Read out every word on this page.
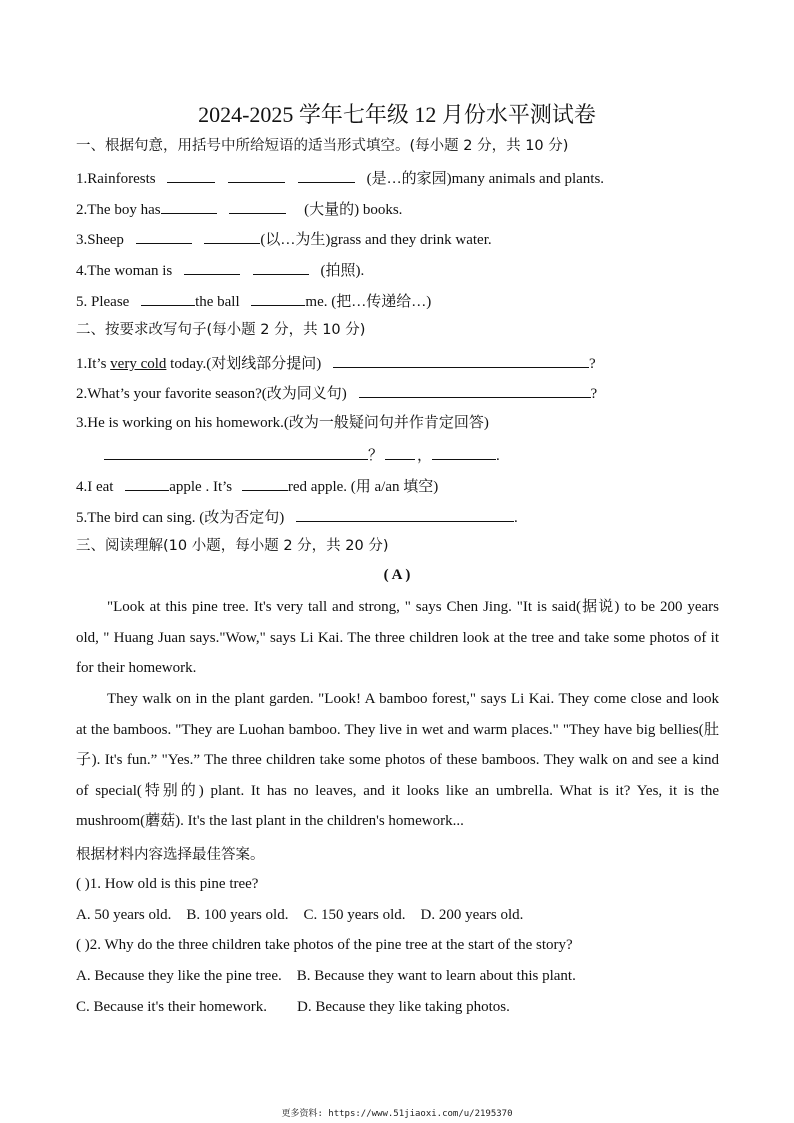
2024-2025 学年七年级 12 月份水平测试卷
一、根据句意，用括号中所给短语的适当形式填空。(每小题 2 分，共 10 分)
1.Rainforests	(是…的家园)many animals and plants.
2.The boy has	(大量的) books.
3.Sheep	(以…为生)grass and they drink water.
4.The woman is	(拍照).
5. Please	the ball	me. (把…传递给…)
二、按要求改写句子(每小题 2 分，共 10 分)
1.It’s very cold today.(对划线部分提问)	?
2.What’s your favorite season?(改为同义句)	?
3.He is working on his homework.(改为一般疑问句并作肯定回答)
？ ，	.
4.I eat	apple . It’s	red apple. (用 a/an 填空)
5.The bird can sing. (改为否定句)	.
三、阅读理解(10 小题，每小题 2 分，共 20 分)
( A )
"Look at this pine tree. It's very tall and strong, " says Chen Jing. "It is said(据说) to be 200 years old, " Huang Juan says."Wow," says Li Kai. The three children look at the tree and take some photos of it for their homework.
They walk on in the plant garden. "Look! A bamboo forest," says Li Kai. They come close and look at the bamboos. "They are Luohan bamboo. They live in wet and warm places." "They have big bellies(肚子). It's fun.” "Yes.” The three children take some photos of these bamboos. They walk on and see a kind of special(特别的) plant. It has no leaves, and it looks like an umbrella. What is it? Yes, it is the mushroom(蘑菇). It's the last plant in the children's homework...
根据材料内容选择最佳答案。
( )1. How old is this pine tree?
A. 50 years old.    B. 100 years old.    C. 150 years old.    D. 200 years old.
( )2. Why do the three children take photos of the pine tree at the start of the story?
A. Because they like the pine tree.    B. Because they want to learn about this plant.
C. Because it's their homework.        D. Because they like taking photos.
更多资料: https://www.51jiaoxi.com/u/2195370
